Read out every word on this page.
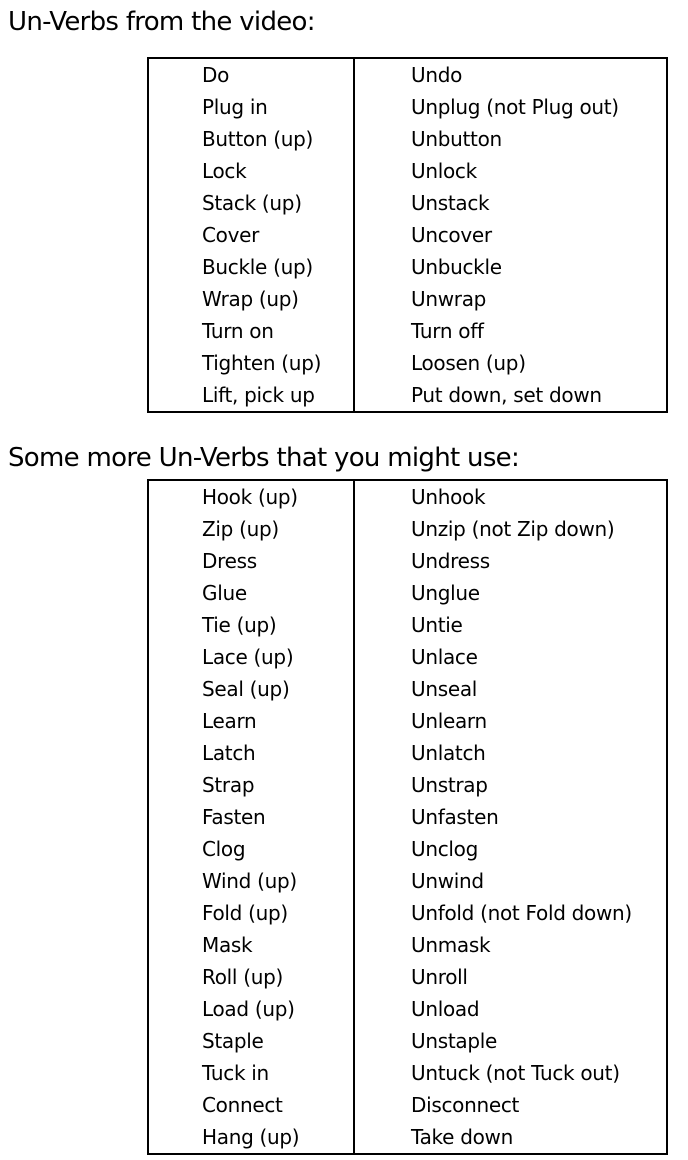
Un-Verbs from the video:
Do	Undo
Plug in	Unplug (not Plug out)
Button (up)	Unbutton
Lock	Unlock
Stack (up)	Unstack
Cover	Uncover
Buckle (up)	Unbuckle
Wrap (up)	Unwrap
Turn on	Turn off
Tighten (up)	Loosen (up)
Lift, pick up	Put down, set down
Some more Un-Verbs that you might use:
Hook (up)	Unhook
Zip (up)	Unzip (not Zip down)
Dress	Undress
Glue	Unglue
Tie (up)	Untie
Lace (up)	Unlace
Seal (up)	Unseal
Learn	Unlearn
Latch	Unlatch
Strap	Unstrap
Fasten	Unfasten
Clog	Unclog
Wind (up)	Unwind
Fold (up)	Unfold (not Fold down)
Mask	Unmask
Roll (up)	Unroll
Load (up)	Unload
Staple	Unstaple
Tuck in	Untuck (not Tuck out)
Connect	Disconnect
Hang (up)	Take down
